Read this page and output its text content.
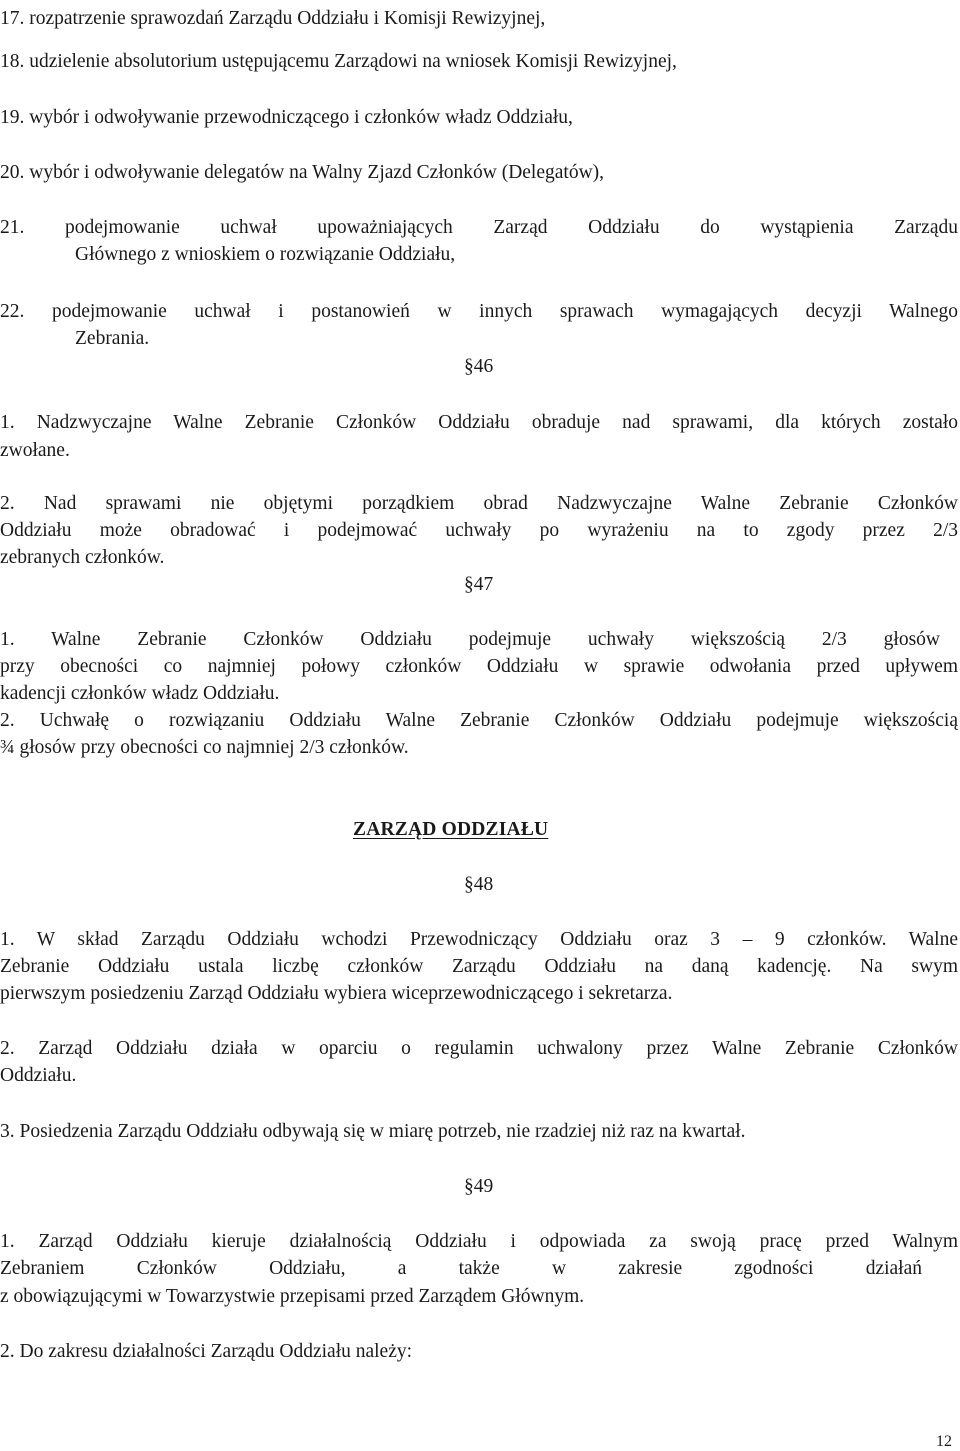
17. rozpatrzenie sprawozdań Zarządu Oddziału i Komisji Rewizyjnej,
18. udzielenie absolutorium ustępującemu Zarządowi na wniosek Komisji Rewizyjnej,
19. wybór i odwoływanie przewodniczącego i członków władz Oddziału,
20. wybór i odwoływanie delegatów na Walny Zjazd Członków (Delegatów),
21. podejmowanie uchwał upoważniających Zarząd Oddziału do wystąpienia Zarządu
Głównego z wnioskiem o rozwiązanie Oddziału,
22. podejmowanie uchwał i postanowień w innych sprawach wymagających decyzji Walnego
Zebrania.
§46
1. Nadzwyczajne Walne Zebranie Członków Oddziału obraduje nad sprawami, dla których zostało
zwołane.
2. Nad sprawami nie objętymi porządkiem obrad Nadzwyczajne Walne Zebranie Członków
Oddziału może obradować i podejmować uchwały po wyrażeniu na to zgody przez 2/3
zebranych członków.
§47
1. Walne Zebranie Członków Oddziału podejmuje uchwały większością 2/3 głosów
przy obecności co najmniej połowy członków Oddziału w sprawie odwołania przed upływem
kadencji członków władz Oddziału.
2. Uchwałę o rozwiązaniu Oddziału Walne Zebranie Członków Oddziału podejmuje większością
¾ głosów przy obecności co najmniej 2/3 członków.
ZARZĄD ODDZIAŁU
§48
1. W skład Zarządu Oddziału wchodzi Przewodniczący Oddziału oraz 3 – 9 członków. Walne
Zebranie Oddziału ustala liczbę członków Zarządu Oddziału na daną kadencję. Na swym
pierwszym posiedzeniu Zarząd Oddziału wybiera wiceprzewodniczącego i sekretarza.
2. Zarząd Oddziału działa w oparciu o regulamin uchwalony przez Walne Zebranie Członków
Oddziału.
3. Posiedzenia Zarządu Oddziału odbywają się w miarę potrzeb, nie rzadziej niż raz na kwartał.
§49
1. Zarząd Oddziału kieruje działalnością Oddziału i odpowiada za swoją pracę przed Walnym
Zebraniem Członków Oddziału, a także w zakresie zgodności działań
z obowiązującymi w Towarzystwie przepisami przed Zarządem Głównym.
2. Do zakresu działalności Zarządu Oddziału należy:
12
